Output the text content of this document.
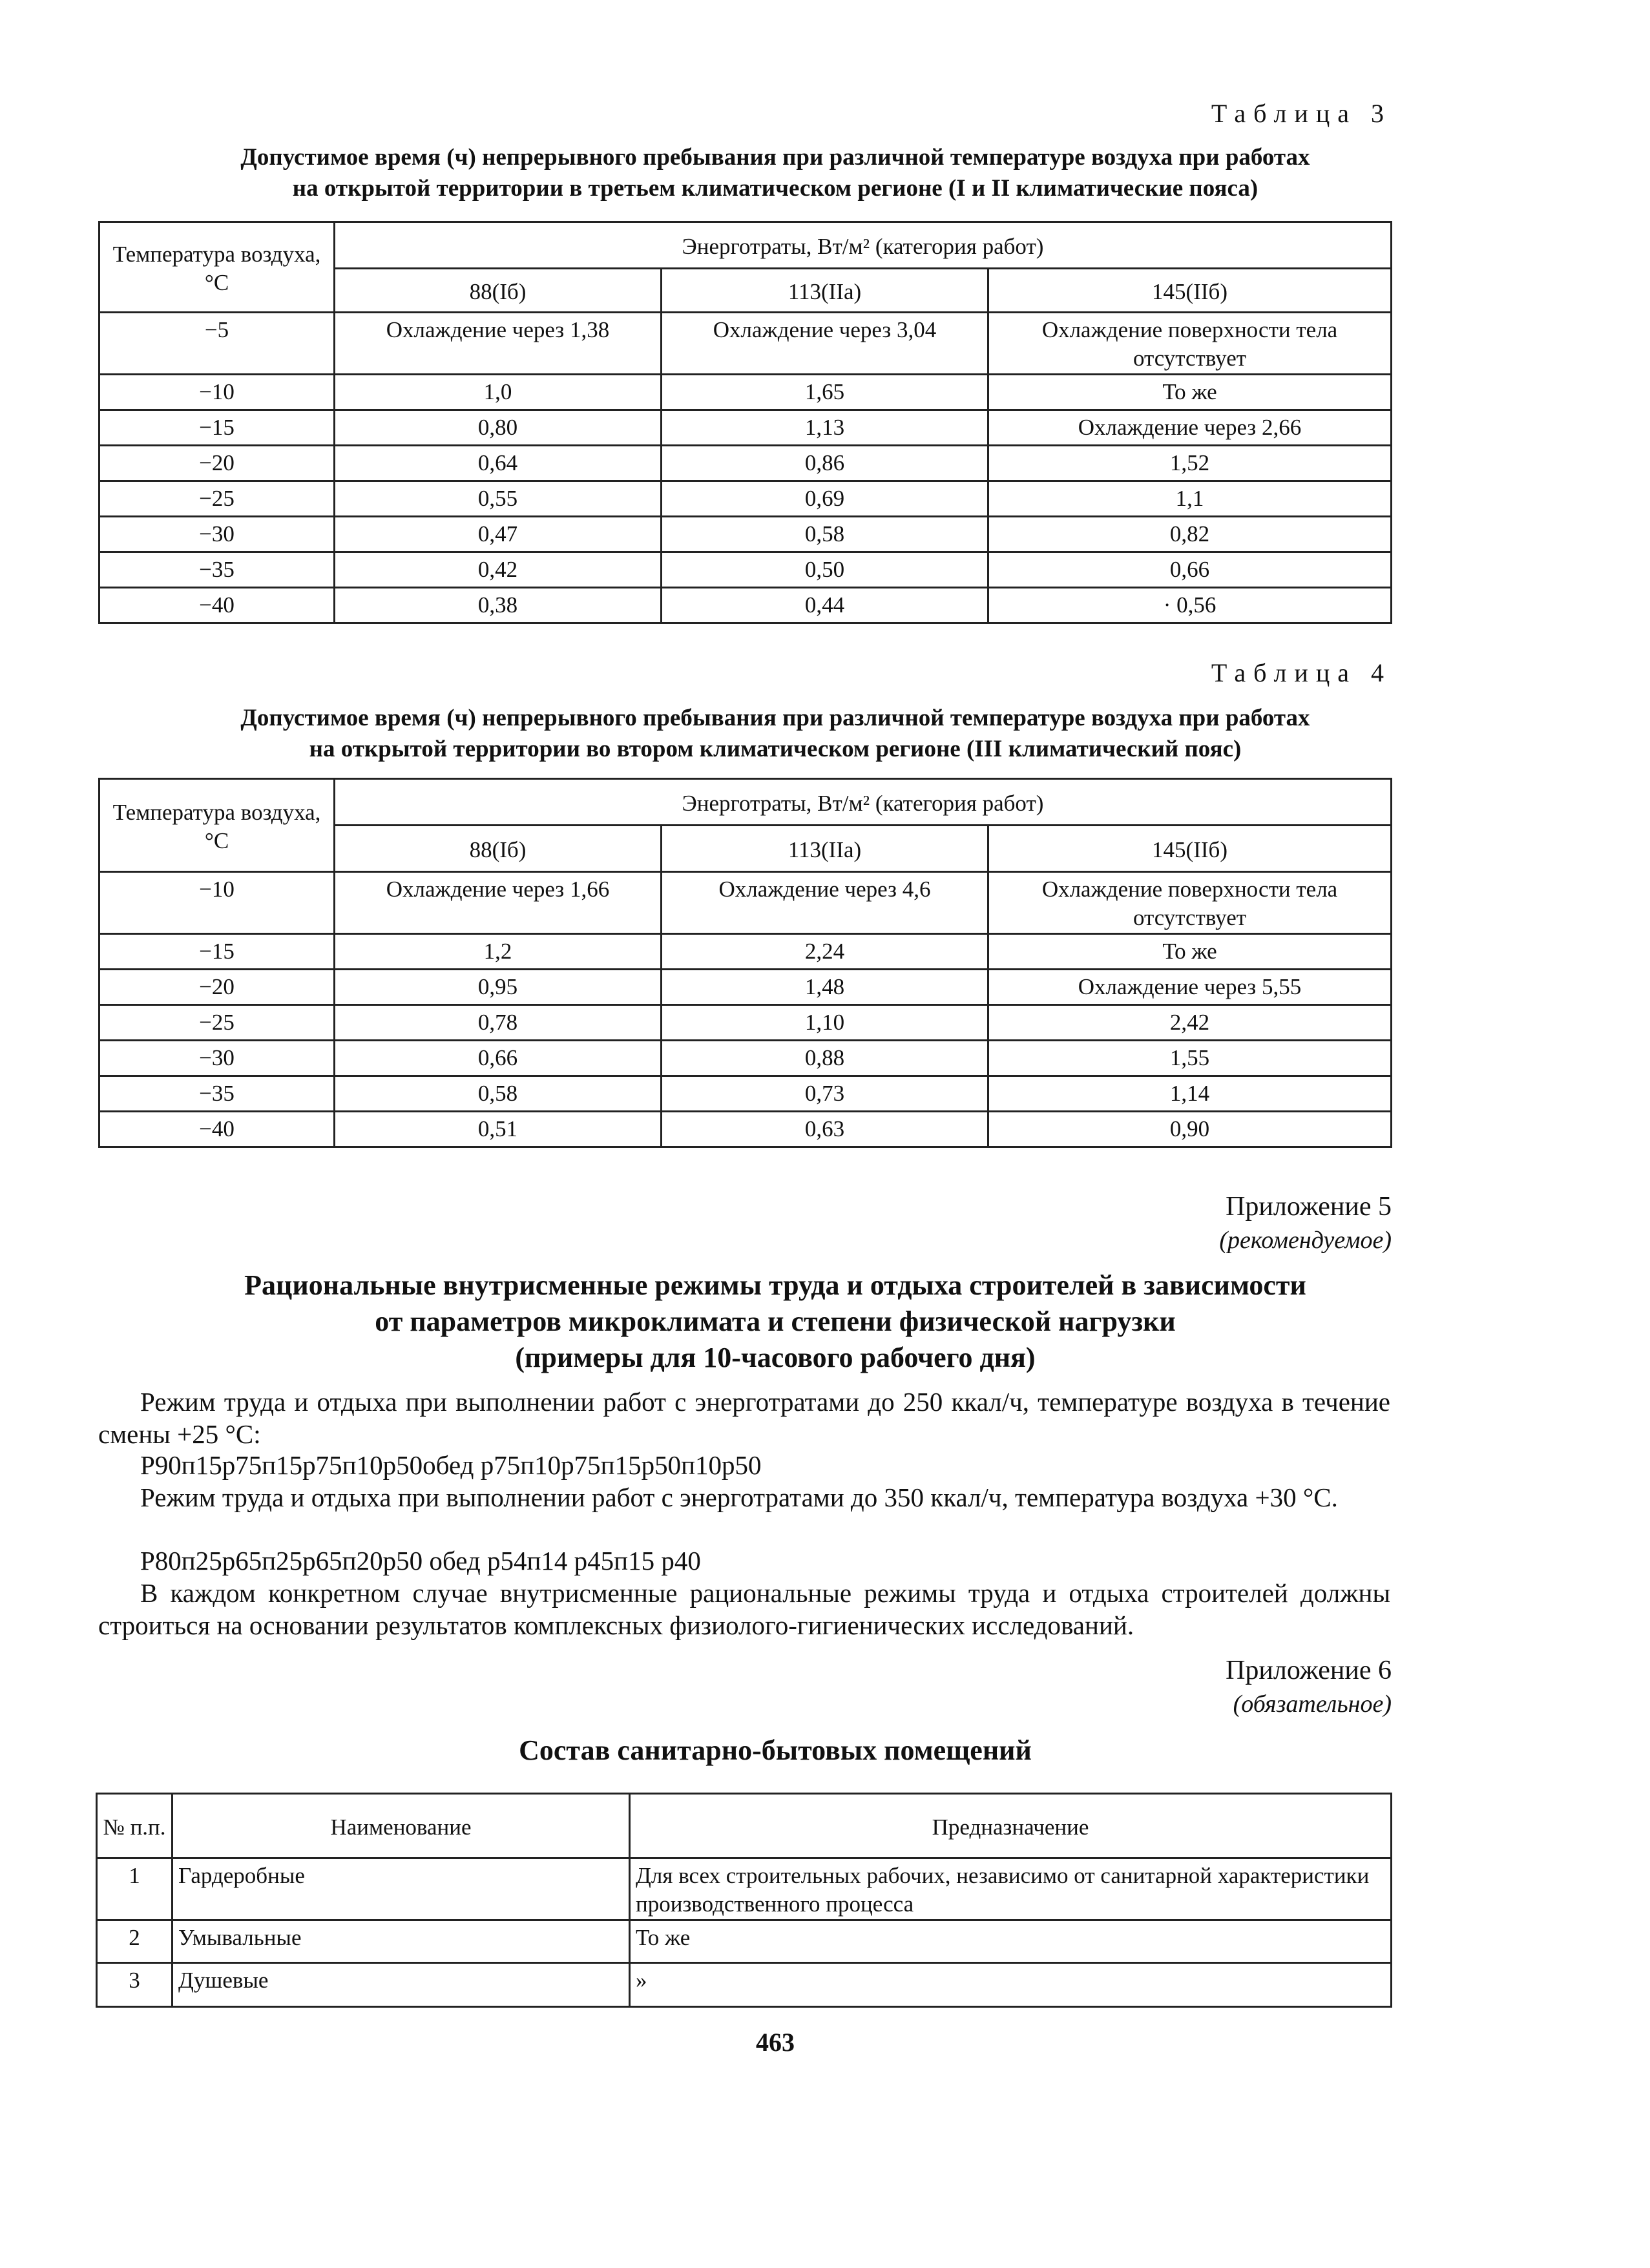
Таблица 3
Допустимое время (ч) непрерывного пребывания при различной температуре воздуха при работах
на открытой территории в третьем климатическом регионе (I и II климатические пояса)
Температура воздуха, °С	Энерготраты, Вт/м² (категория работ)		
	88(Iб)	113(IIa)	145(IIб)
−5	Охлаждение через 1,38	Охлаждение через 3,04	Охлаждение поверхности тела отсутствует
−10	1,0	1,65	То же
−15	0,80	1,13	Охлаждение через 2,66
−20	0,64	0,86	1,52
−25	0,55	0,69	1,1
−30	0,47	0,58	0,82
−35	0,42	0,50	0,66
−40	0,38	0,44	· 0,56
Таблица 4
Допустимое время (ч) непрерывного пребывания при различной температуре воздуха при работах
на открытой территории во втором климатическом регионе (III климатический пояс)
Температура воздуха, °С	Энерготраты, Вт/м² (категория работ)		
	88(Iб)	113(IIa)	145(IIб)
−10	Охлаждение через 1,66	Охлаждение через 4,6	Охлаждение поверхности тела отсутствует
−15	1,2	2,24	То же
−20	0,95	1,48	Охлаждение через 5,55
−25	0,78	1,10	2,42
−30	0,66	0,88	1,55
−35	0,58	0,73	1,14
−40	0,51	0,63	0,90
Приложение 5
(рекомендуемое)
Рациональные внутрисменные режимы труда и отдыха строителей в зависимости
от параметров микроклимата и степени физической нагрузки
(примеры для 10-часового рабочего дня)
Режим труда и отдыха при выполнении работ с энерготратами до 250 ккал/ч, температуре воздуха в течение смены +25 °С:
Р90п15р75п15р75п10р50обед р75п10р75п15р50п10р50
Режим труда и отдыха при выполнении работ с энерготратами до 350 ккал/ч, температура воздуха +30 °С.
Р80п25р65п25р65п20р50 обед р54п14 р45п15 р40
В каждом конкретном случае внутрисменные рациональные режимы труда и отдыха строителей должны строиться на основании результатов комплексных физиолого-гигиенических исследований.
Приложение 6
(обязательное)
Состав санитарно-бытовых помещений
№ п.п.	Наименование	Предназначение
1	Гардеробные	Для всех строительных рабочих, независимо от санитарной характеристики производственного процесса
2	Умывальные	То же
3	Душевые	»
463
